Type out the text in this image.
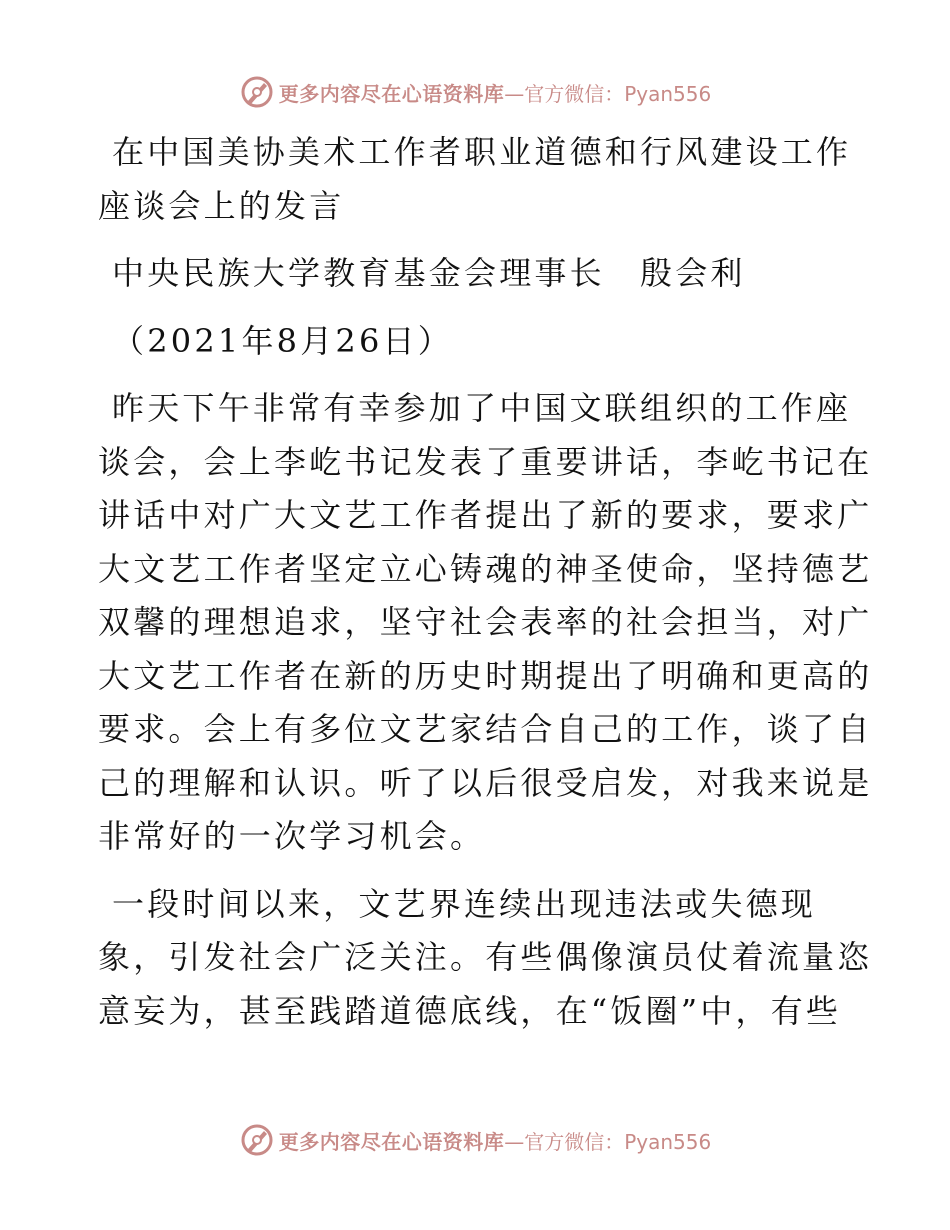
更多内容尽在心语资料库 —官方微信：Pyan556
在中国美协美术工作者职业道德和行风建设工作
座谈会上的发言
中央民族大学教育基金会理事长　殷会利
（2021年8月26日）
昨天下午非常有幸参加了中国文联组织的工作座
谈会，会上李屹书记发表了重要讲话，李屹书记在
讲话中对广大文艺工作者提出了新的要求，要求广
大文艺工作者坚定立心铸魂的神圣使命，坚持德艺
双馨的理想追求，坚守社会表率的社会担当，对广
大文艺工作者在新的历史时期提出了明确和更高的
要求。会上有多位文艺家结合自己的工作，谈了自
己的理解和认识。听了以后很受启发，对我来说是
非常好的一次学习机会。
一段时间以来，文艺界连续出现违法或失德现
象，引发社会广泛关注。有些偶像演员仗着流量恣
意妄为，甚至践踏道德底线，在“饭圈”中，有些
更多内容尽在心语资料库 —官方微信：Pyan556
